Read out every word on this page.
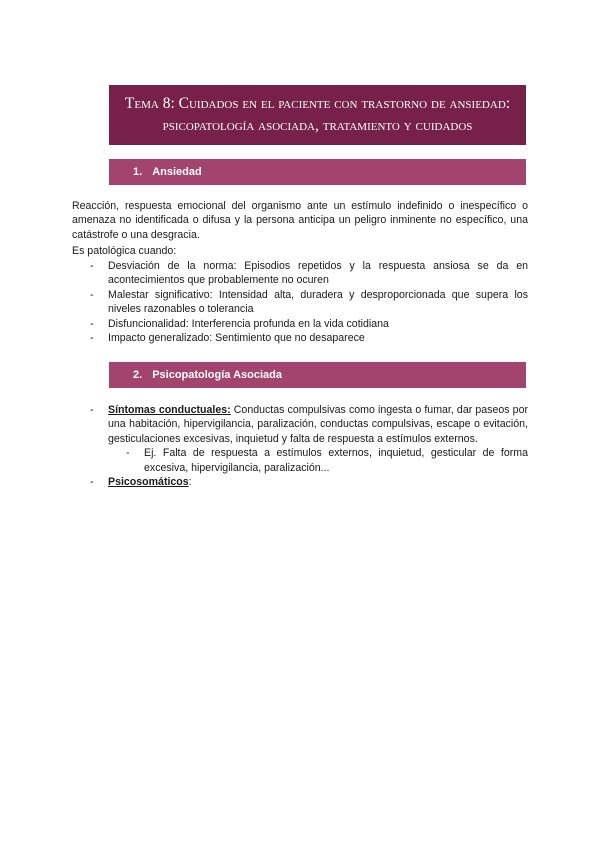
Tema 8: Cuidados en el paciente con trastorno de ansiedad: psicopatología asociada, tratamiento y cuidados
1. Ansiedad
Reacción, respuesta emocional del organismo ante un estímulo indefinido o inespecífico o amenaza no identificada o difusa y la persona anticipa un peligro inminente no específico, una catástrofe o una desgracia.
Es patológica cuando:
- Desviación de la norma: Episodios repetidos y la respuesta ansiosa se da en acontecimientos que probablemente no ocuren
- Malestar significativo: Intensidad alta, duradera y desproporcionada que supera los niveles razonables o tolerancia
- Disfuncionalidad: Interferencia profunda en la vida cotidiana
- Impacto generalizado: Sentimiento que no desaparece
2. Psicopatología Asociada
- Síntomas conductuales: Conductas compulsivas como ingesta o fumar, dar paseos por una habitación, hipervigilancia, paralización, conductas compulsivas, escape o evitación, gesticulaciones excesivas, inquietud y falta de respuesta a estímulos externos.
- Ej. Falta de respuesta a estímulos externos, inquietud, gesticular de forma excesiva, hipervigilancia, paralización...
- Psicosomáticos:
